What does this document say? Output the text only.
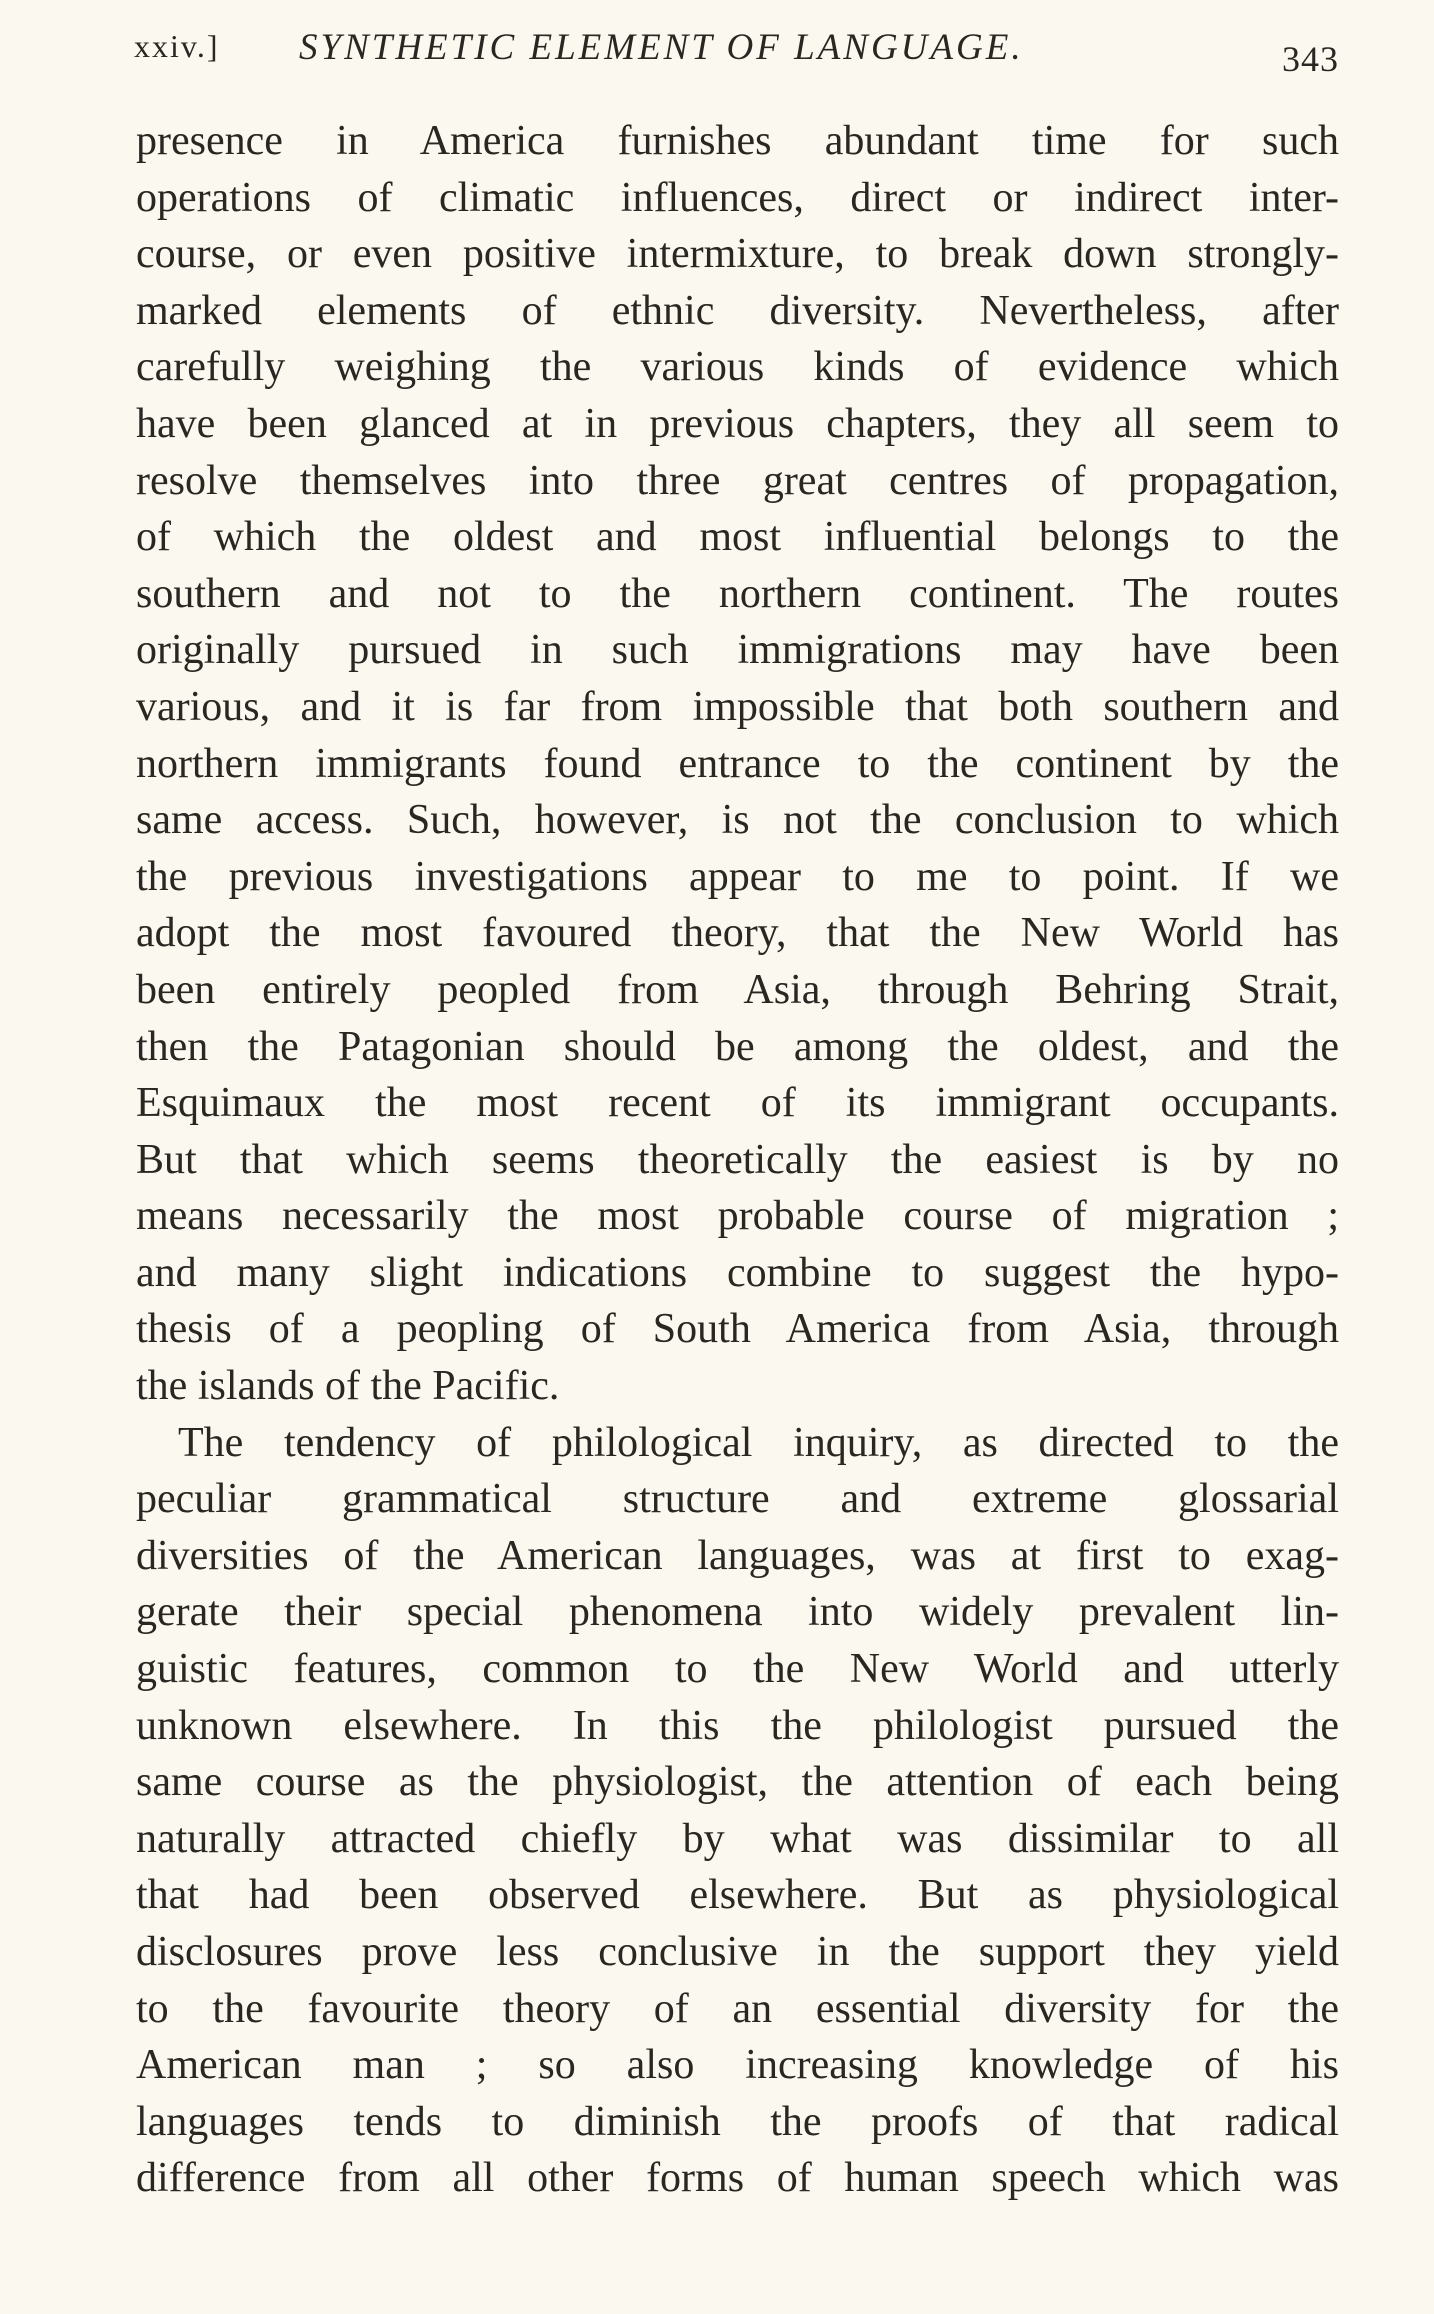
xxiv.] SYNTHETIC ELEMENT OF LANGUAGE.	343
presence in America furnishes abundant time for such
operations of climatic influences, direct or indirect inter-
course, or even positive intermixture, to break down strongly-
marked elements of ethnic diversity. Nevertheless, after
carefully weighing the various kinds of evidence which
have been glanced at in previous chapters, they all seem to
resolve themselves into three great centres of propagation,
of which the oldest and most influential belongs to the
southern and not to the northern continent. The routes
originally pursued in such immigrations may have been
various, and it is far from impossible that both southern and
northern immigrants found entrance to the continent by the
same access. Such, however, is not the conclusion to which
the previous investigations appear to me to point. If we
adopt the most favoured theory, that the New World has
been entirely peopled from Asia, through Behring Strait,
then the Patagonian should be among the oldest, and the
Esquimaux the most recent of its immigrant occupants.
But that which seems theoretically the easiest is by no
means necessarily the most probable course of migration ;
and many slight indications combine to suggest the hypo-
thesis of a peopling of South America from Asia, through
the islands of the Pacific.
The tendency of philological inquiry, as directed to the
peculiar grammatical structure and extreme glossarial
diversities of the American languages, was at first to exag-
gerate their special phenomena into widely prevalent lin-
guistic features, common to the New World and utterly
unknown elsewhere. In this the philologist pursued the
same course as the physiologist, the attention of each being
naturally attracted chiefly by what was dissimilar to all
that had been observed elsewhere. But as physiological
disclosures prove less conclusive in the support they yield
to the favourite theory of an essential diversity for the
American man ; so also increasing knowledge of his
languages tends to diminish the proofs of that radical
difference from all other forms of human speech which was
